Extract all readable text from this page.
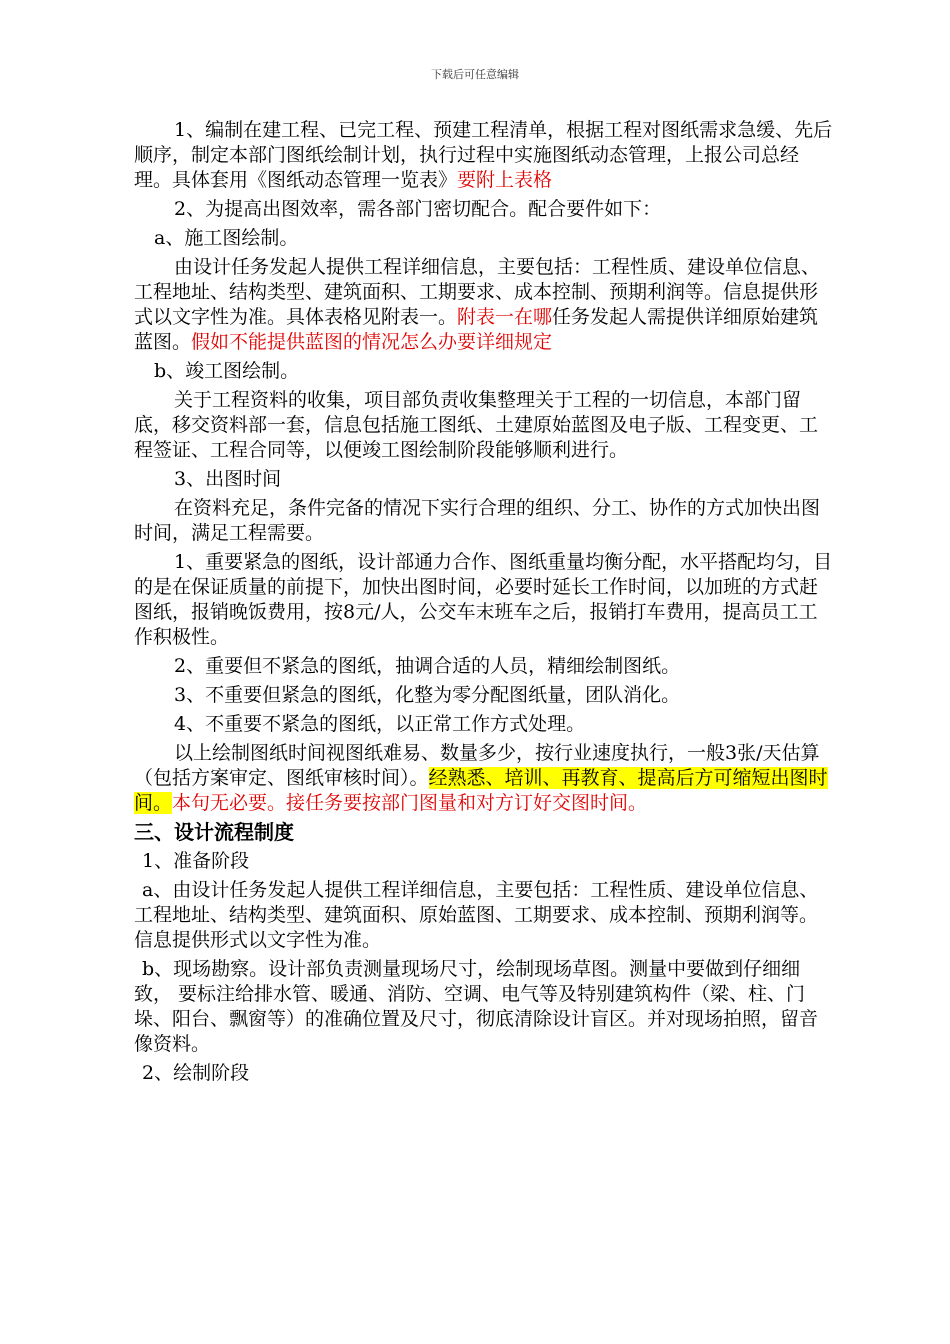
下载后可任意编辑

1、编制在建工程、已完工程、预建工程清单，根据工程对图纸需求急缓、先后顺序，制定本部门图纸绘制计划，执行过程中实施图纸动态管理，上报公司总经理。具体套用《图纸动态管理一览表》要附上表格

2、为提高出图效率，需各部门密切配合。配合要件如下：

a、施工图绘制。

由设计任务发起人提供工程详细信息，主要包括：工程性质、建设单位信息、工程地址、结构类型、建筑面积、工期要求、成本控制、预期利润等。信息提供形式以文字性为准。具体表格见附表一。附表一在哪任务发起人需提供详细原始建筑蓝图。假如不能提供蓝图的情况怎么办要详细规定

b、竣工图绘制。

关于工程资料的收集，项目部负责收集整理关于工程的一切信息，本部门留底，移交资料部一套，信息包括施工图纸、土建原始蓝图及电子版、工程变更、工程签证、工程合同等，以便竣工图绘制阶段能够顺利进行。

3、出图时间

在资料充足，条件完备的情况下实行合理的组织、分工、协作的方式加快出图时间，满足工程需要。

1、重要紧急的图纸，设计部通力合作、图纸重量均衡分配，水平搭配均匀，目的是在保证质量的前提下，加快出图时间，必要时延长工作时间，以加班的方式赶图纸，报销晚饭费用，按8元/人，公交车末班车之后，报销打车费用，提高员工工作积极性。

2、重要但不紧急的图纸，抽调合适的人员，精细绘制图纸。

3、不重要但紧急的图纸，化整为零分配图纸量，团队消化。

4、不重要不紧急的图纸，以正常工作方式处理。

以上绘制图纸时间视图纸难易、数量多少，按行业速度执行，一般3张/天估算（包括方案审定、图纸审核时间）。经熟悉、培训、再教育、提高后方可缩短出图时间。本句无必要。接任务要按部门图量和对方订好交图时间。

三、设计流程制度

1、准备阶段

a、由设计任务发起人提供工程详细信息，主要包括：工程性质、建设单位信息、工程地址、结构类型、建筑面积、原始蓝图、工期要求、成本控制、预期利润等。信息提供形式以文字性为准。

b、现场勘察。设计部负责测量现场尺寸，绘制现场草图。测量中要做到仔细细致， 要标注给排水管、暖通、消防、空调、电气等及特别建筑构件（梁、柱、门垛、阳台、飘窗等）的准确位置及尺寸，彻底清除设计盲区。并对现场拍照，留音像资料。

2、绘制阶段
